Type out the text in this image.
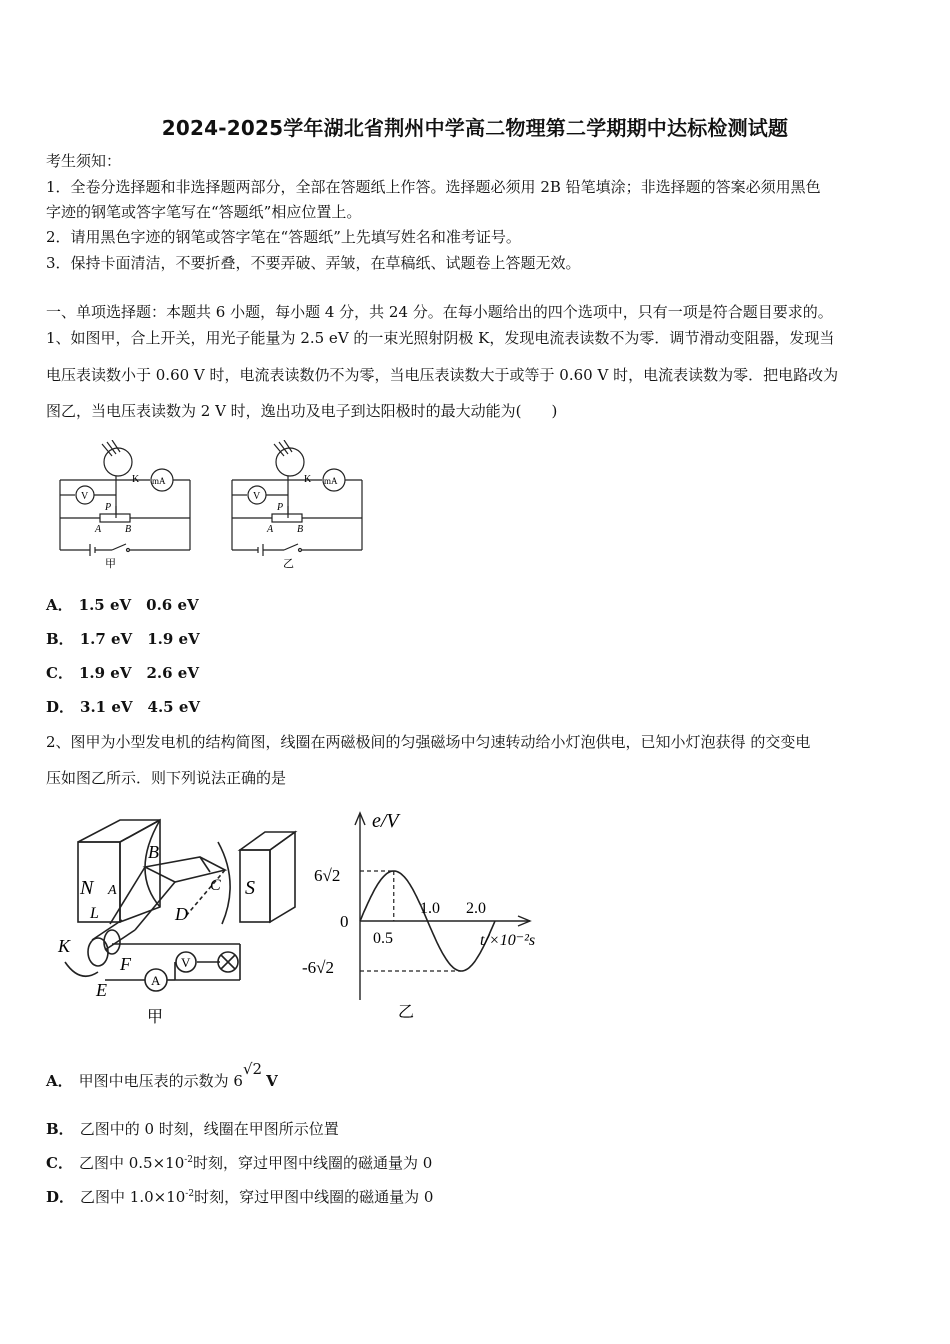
2024-2025学年湖北省荆州中学高二物理第二学期期中达标检测试题
考生须知：
1．全卷分选择题和非选择题两部分，全部在答题纸上作答。选择题必须用 2B 铅笔填涂；非选择题的答案必须用黑色
字迹的钢笔或答字笔写在“答题纸”相应位置上。
2．请用黑色字迹的钢笔或答字笔在“答题纸”上先填写姓名和准考证号。
3．保持卡面清洁，不要折叠，不要弄破、弄皱，在草稿纸、试题卷上答题无效。
一、单项选择题：本题共 6 小题，每小题 4 分，共 24 分。在每小题给出的四个选项中，只有一项是符合题目要求的。
1、如图甲，合上开关，用光子能量为 2.5 eV 的一束光照射阴极 K，发现电流表读数不为零．调节滑动变阻器，发现当
电压表读数小于 0.60 V 时，电流表读数仍不为零，当电压表读数大于或等于 0.60 V 时，电流表读数为零．把电路改为
图乙，当电压表读数为 2 V 时，逸出功及电子到达阳极时的最大动能为(　　)
K mA
V
P
A B
甲
K mA
V
P
A B
乙
A． 1.5 eV　0.6 eV
B． 1.7 eV　1.9 eV
C． 1.9 eV　2.6 eV
D． 3.1 eV　4.5 eV
2、图甲为小型发电机的结构简图，线圈在两磁极间的匀强磁场中匀速转动给小灯泡供电，已知小灯泡获得 的交变电
压如图乙所示．则下列说法正确的是
N	S
A
B
C
D
L
K
F
E	A
V
甲
e/V
t/×10⁻²s
6√2
0
-6√2
0.5
1.0 2.0
乙
A． 甲图中电压表的示数为 6√2V
B． 乙图中的 0 时刻，线圈在甲图所示位置
C． 乙图中 $0.5\times 10^{-2}$时刻，穿过甲图中线圈的磁通量为 0
D． 乙图中 $1.0\times 10^{-2}$时刻，穿过甲图中线圈的磁通量为 0
